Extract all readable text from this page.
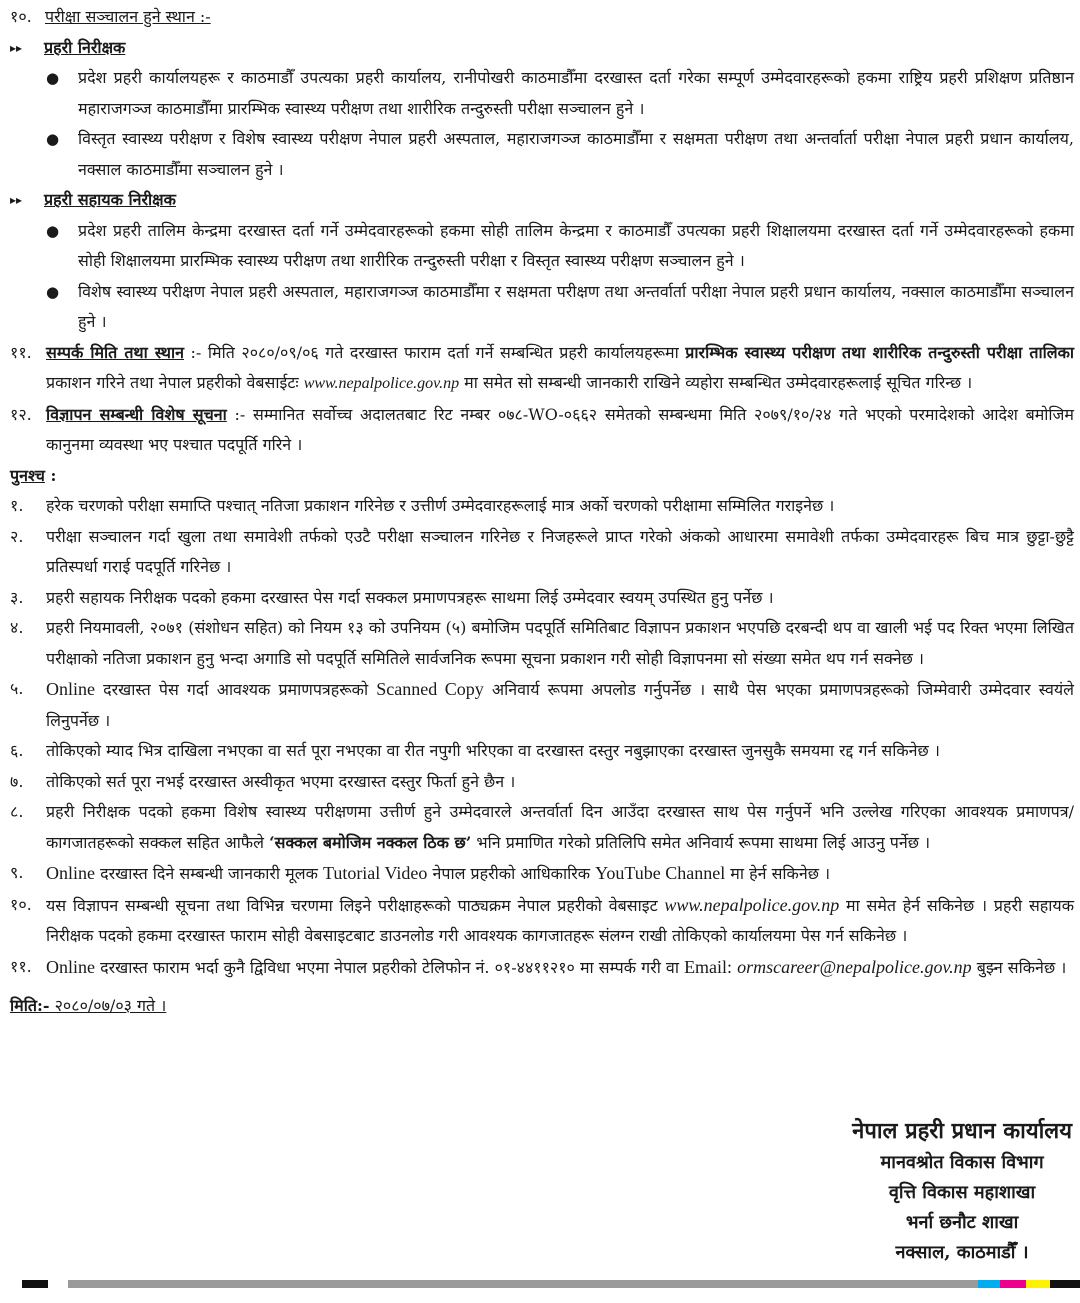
१०. परीक्षा सञ्चालन हुने स्थान :-

▸▸	प्रहरी निरीक्षक

●	प्रदेश प्रहरी कार्यालयहरू र काठमाडौँ उपत्यका प्रहरी कार्यालय, रानीपोखरी काठमाडौँमा दरखास्त दर्ता गरेका सम्पूर्ण उम्मेदवारहरूको हकमा राष्ट्रिय प्रहरी प्रशिक्षण प्रतिष्ठान महाराजगञ्ज काठमाडौँमा प्रारम्भिक स्वास्थ्य परीक्षण तथा शारीरिक तन्दुरुस्ती परीक्षा सञ्चालन हुने ।
●	विस्तृत स्वास्थ्य परीक्षण र विशेष स्वास्थ्य परीक्षण नेपाल प्रहरी अस्पताल, महाराजगञ्ज काठमाडौँमा र सक्षमता परीक्षण तथा अन्तर्वार्ता परीक्षा नेपाल प्रहरी प्रधान कार्यालय, नक्साल काठमाडौँमा सञ्चालन हुने ।

▸▸	प्रहरी सहायक निरीक्षक

●	प्रदेश प्रहरी तालिम केन्द्रमा दरखास्त दर्ता गर्ने उम्मेदवारहरूको हकमा सोही तालिम केन्द्रमा र काठमाडौँ उपत्यका प्रहरी शिक्षालयमा दरखास्त दर्ता गर्ने उम्मेदवारहरूको हकमा सोही शिक्षालयमा प्रारम्भिक स्वास्थ्य परीक्षण तथा शारीरिक तन्दुरुस्ती परीक्षा र विस्तृत स्वास्थ्य परीक्षण सञ्चालन हुने ।
●	विशेष स्वास्थ्य परीक्षण नेपाल प्रहरी अस्पताल, महाराजगञ्ज काठमाडौँमा र सक्षमता परीक्षण तथा अन्तर्वार्ता परीक्षा नेपाल प्रहरी प्रधान कार्यालय, नक्साल काठमाडौँमा सञ्चालन हुने ।
११. सम्पर्क मिति तथा स्थान :- मिति २०८०/०९/०६ गते दरखास्त फाराम दर्ता गर्ने सम्बन्धित प्रहरी कार्यालयहरूमा प्रारम्भिक स्वास्थ्य परीक्षण तथा शारीरिक तन्दुरुस्ती परीक्षा तालिका प्रकाशन गरिने तथा नेपाल प्रहरीको वेबसाईटः www.nepalpolice.gov.np मा समेत सो सम्बन्धी जानकारी राखिने व्यहोरा सम्बन्धित उम्मेदवारहरूलाई सूचित गरिन्छ ।
१२. विज्ञापन सम्बन्धी विशेष सूचना :- सम्मानित सर्वोच्च अदालतबाट रिट नम्बर ०७८-WO-०६६२ समेतको सम्बन्धमा मिति २०७९/१०/२४ गते भएको परमादेशको आदेश बमोजिम कानुनमा व्यवस्था भए पश्चात पदपूर्ति गरिने ।

पुनश्च :

१.	हरेक चरणको परीक्षा समाप्ति पश्चात् नतिजा प्रकाशन गरिनेछ र उत्तीर्ण उम्मेदवारहरूलाई मात्र अर्को चरणको परीक्षामा सम्मिलित गराइनेछ ।
२.	परीक्षा सञ्चालन गर्दा खुला तथा समावेशी तर्फको एउटै परीक्षा सञ्चालन गरिनेछ र निजहरूले प्राप्त गरेको अंकको आधारमा समावेशी तर्फका उम्मेदवारहरू बिच मात्र छुट्टा-छुट्टै प्रतिस्पर्धा गराई पदपूर्ति गरिनेछ ।
३.	प्रहरी सहायक निरीक्षक पदको हकमा दरखास्त पेस गर्दा सक्कल प्रमाणपत्रहरू साथमा लिई उम्मेदवार स्वयम् उपस्थित हुनु पर्नेछ ।
४.	प्रहरी नियमावली, २०७१ (संशोधन सहित) को नियम १३ को उपनियम (५) बमोजिम पदपूर्ति समितिबाट विज्ञापन प्रकाशन भएपछि दरबन्दी थप वा खाली भई पद रिक्त भएमा लिखित परीक्षाको नतिजा प्रकाशन हुनु भन्दा अगाडि सो पदपूर्ति समितिले सार्वजनिक रूपमा सूचना प्रकाशन गरी सोही विज्ञापनमा सो संख्या समेत थप गर्न सक्नेछ ।
५.	Online दरखास्त पेस गर्दा आवश्यक प्रमाणपत्रहरूको Scanned Copy अनिवार्य रूपमा अपलोड गर्नुपर्नेछ । साथै पेस भएका प्रमाणपत्रहरूको जिम्मेवारी उम्मेदवार स्वयंले लिनुपर्नेछ ।
६.	तोकिएको म्याद भित्र दाखिला नभएका वा सर्त पूरा नभएका वा रीत नपुगी भरिएका वा दरखास्त दस्तुर नबुझाएका दरखास्त जुनसुकै समयमा रद्द गर्न सकिनेछ ।
७.	तोकिएको सर्त पूरा नभई दरखास्त अस्वीकृत भएमा दरखास्त दस्तुर फिर्ता हुने छैन ।
८.	प्रहरी निरीक्षक पदको हकमा विशेष स्वास्थ्य परीक्षणमा उत्तीर्ण हुने उम्मेदवारले अन्तर्वार्ता दिन आउँदा दरखास्त साथ पेस गर्नुपर्ने भनि उल्लेख गरिएका आवश्यक प्रमाणपत्र/कागजातहरूको सक्कल सहित आफैले ‘सक्कल बमोजिम नक्कल ठिक छ’ भनि प्रमाणित गरेको प्रतिलिपि समेत अनिवार्य रूपमा साथमा लिई आउनु पर्नेछ ।
९.	Online दरखास्त दिने सम्बन्धी जानकारी मूलक Tutorial Video नेपाल प्रहरीको आधिकारिक YouTube Channel मा हेर्न सकिनेछ ।
१०. यस विज्ञापन सम्बन्धी सूचना तथा विभिन्न चरणमा लिइने परीक्षाहरूको पाठ्यक्रम नेपाल प्रहरीको वेबसाइट www.nepalpolice.gov.np मा समेत हेर्न सकिनेछ । प्रहरी सहायक निरीक्षक पदको हकमा दरखास्त फाराम सोही वेबसाइटबाट डाउनलोड गरी आवश्यक कागजातहरू संलग्न राखी तोकिएको कार्यालयमा पेस गर्न सकिनेछ ।
११. Online दरखास्त फाराम भर्दा कुनै द्विविधा भएमा नेपाल प्रहरीको टेलिफोन नं. ०१-४४११२१० मा सम्पर्क गरी वा Email: ormscareer@nepalpolice.gov.np बुझ्न सकिनेछ ।

मिति:- २०८०/०७/०३ गते ।

नेपाल प्रहरी प्रधान कार्यालय
मानवश्रोत विकास विभाग
वृत्ति विकास महाशाखा
भर्ना छनौट शाखा
नक्साल, काठमाडौँ ।
